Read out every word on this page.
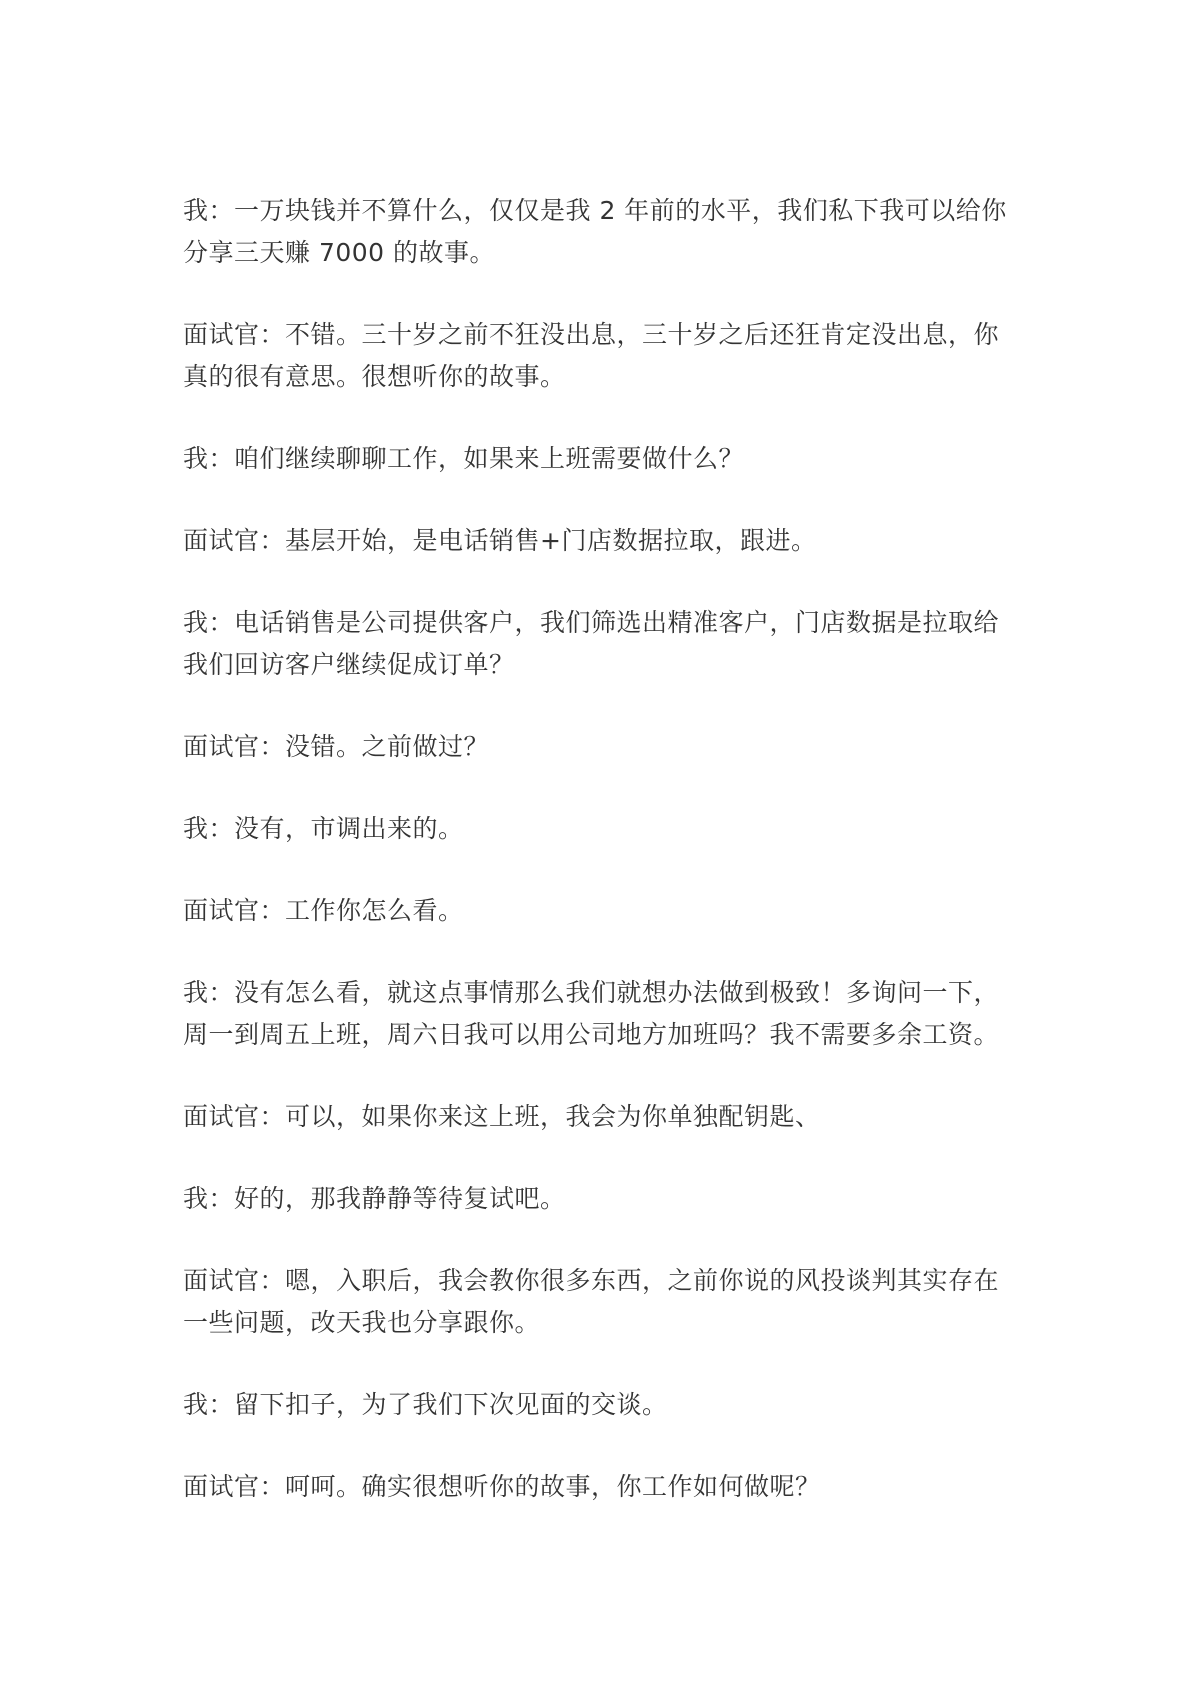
我：一万块钱并不算什么，仅仅是我 2 年前的水平，我们私下我可以给你分享三天赚 7000 的故事。

面试官：不错。三十岁之前不狂没出息，三十岁之后还狂肯定没出息，你真的很有意思。很想听你的故事。

我：咱们继续聊聊工作，如果来上班需要做什么？

面试官：基层开始，是电话销售+门店数据拉取，跟进。

我：电话销售是公司提供客户，我们筛选出精准客户，门店数据是拉取给我们回访客户继续促成订单？

面试官：没错。之前做过？

我：没有，市调出来的。

面试官：工作你怎么看。

我：没有怎么看，就这点事情那么我们就想办法做到极致！多询问一下，周一到周五上班，周六日我可以用公司地方加班吗？我不需要多余工资。

面试官：可以，如果你来这上班，我会为你单独配钥匙、

我：好的，那我静静等待复试吧。

面试官：嗯，入职后，我会教你很多东西，之前你说的风投谈判其实存在一些问题，改天我也分享跟你。

我：留下扣子，为了我们下次见面的交谈。

面试官：呵呵。确实很想听你的故事，你工作如何做呢？
